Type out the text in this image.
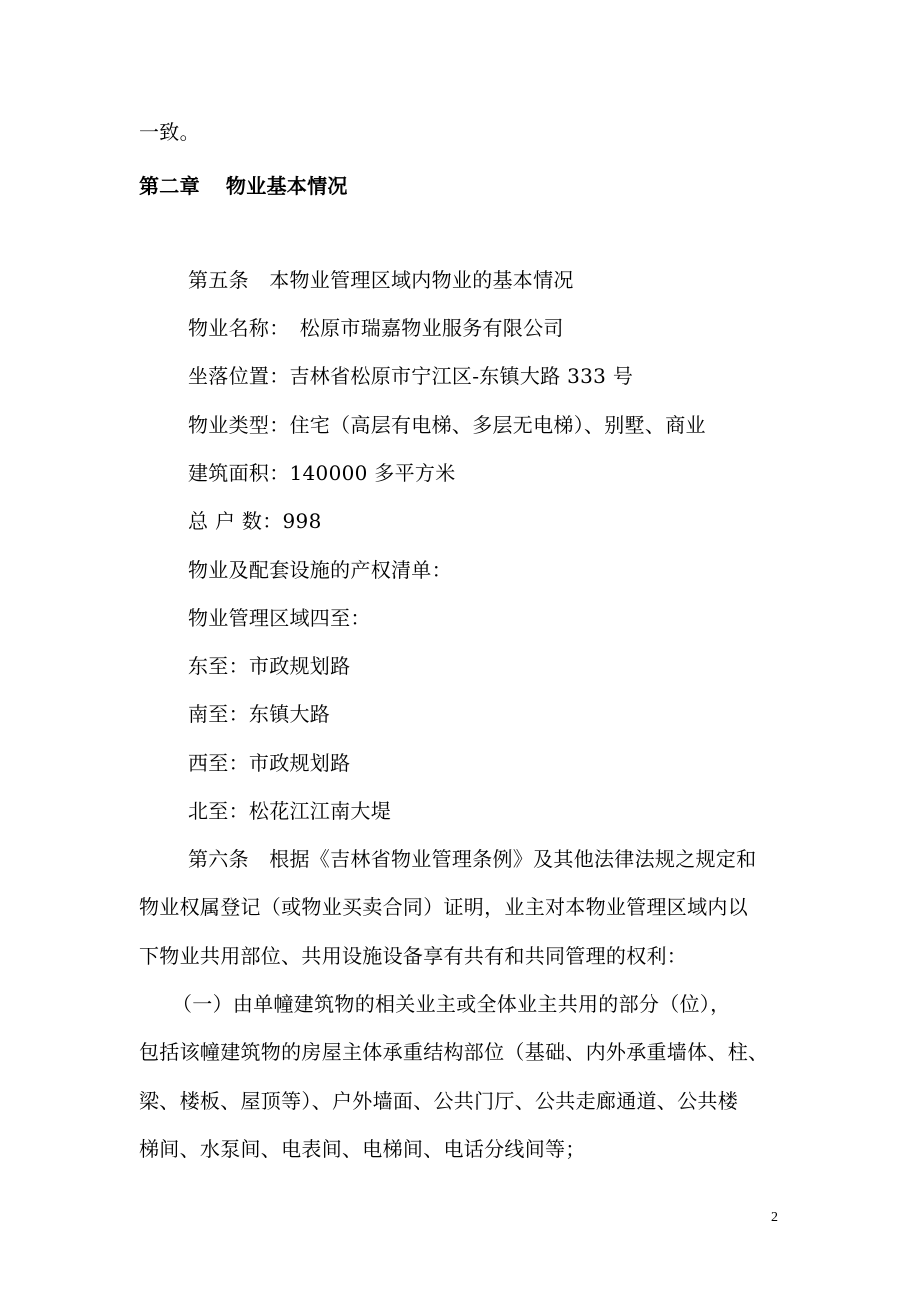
一致。
第二章 物业基本情况
第五条　本物业管理区域内物业的基本情况
物业名称：　松原市瑞嘉物业服务有限公司
坐落位置：吉林省松原市宁江区-东镇大路 333 号
物业类型：住宅（高层有电梯、多层无电梯）、别墅、商业
建筑面积：140000 多平方米
总 户 数：998
物业及配套设施的产权清单：
物业管理区域四至：
东至：市政规划路
南至：东镇大路
西至：市政规划路
北至：松花江江南大堤
第六条　根据《吉林省物业管理条例》及其他法律法规之规定和
物业权属登记（或物业买卖合同）证明，业主对本物业管理区域内以
下物业共用部位、共用设施设备享有共有和共同管理的权利：
（一）由单幢建筑物的相关业主或全体业主共用的部分（位），
包括该幢建筑物的房屋主体承重结构部位（基础、内外承重墙体、柱、
梁、楼板、屋顶等）、户外墙面、公共门厅、公共走廊通道、公共楼
梯间、水泵间、电表间、电梯间、电话分线间等；
2
